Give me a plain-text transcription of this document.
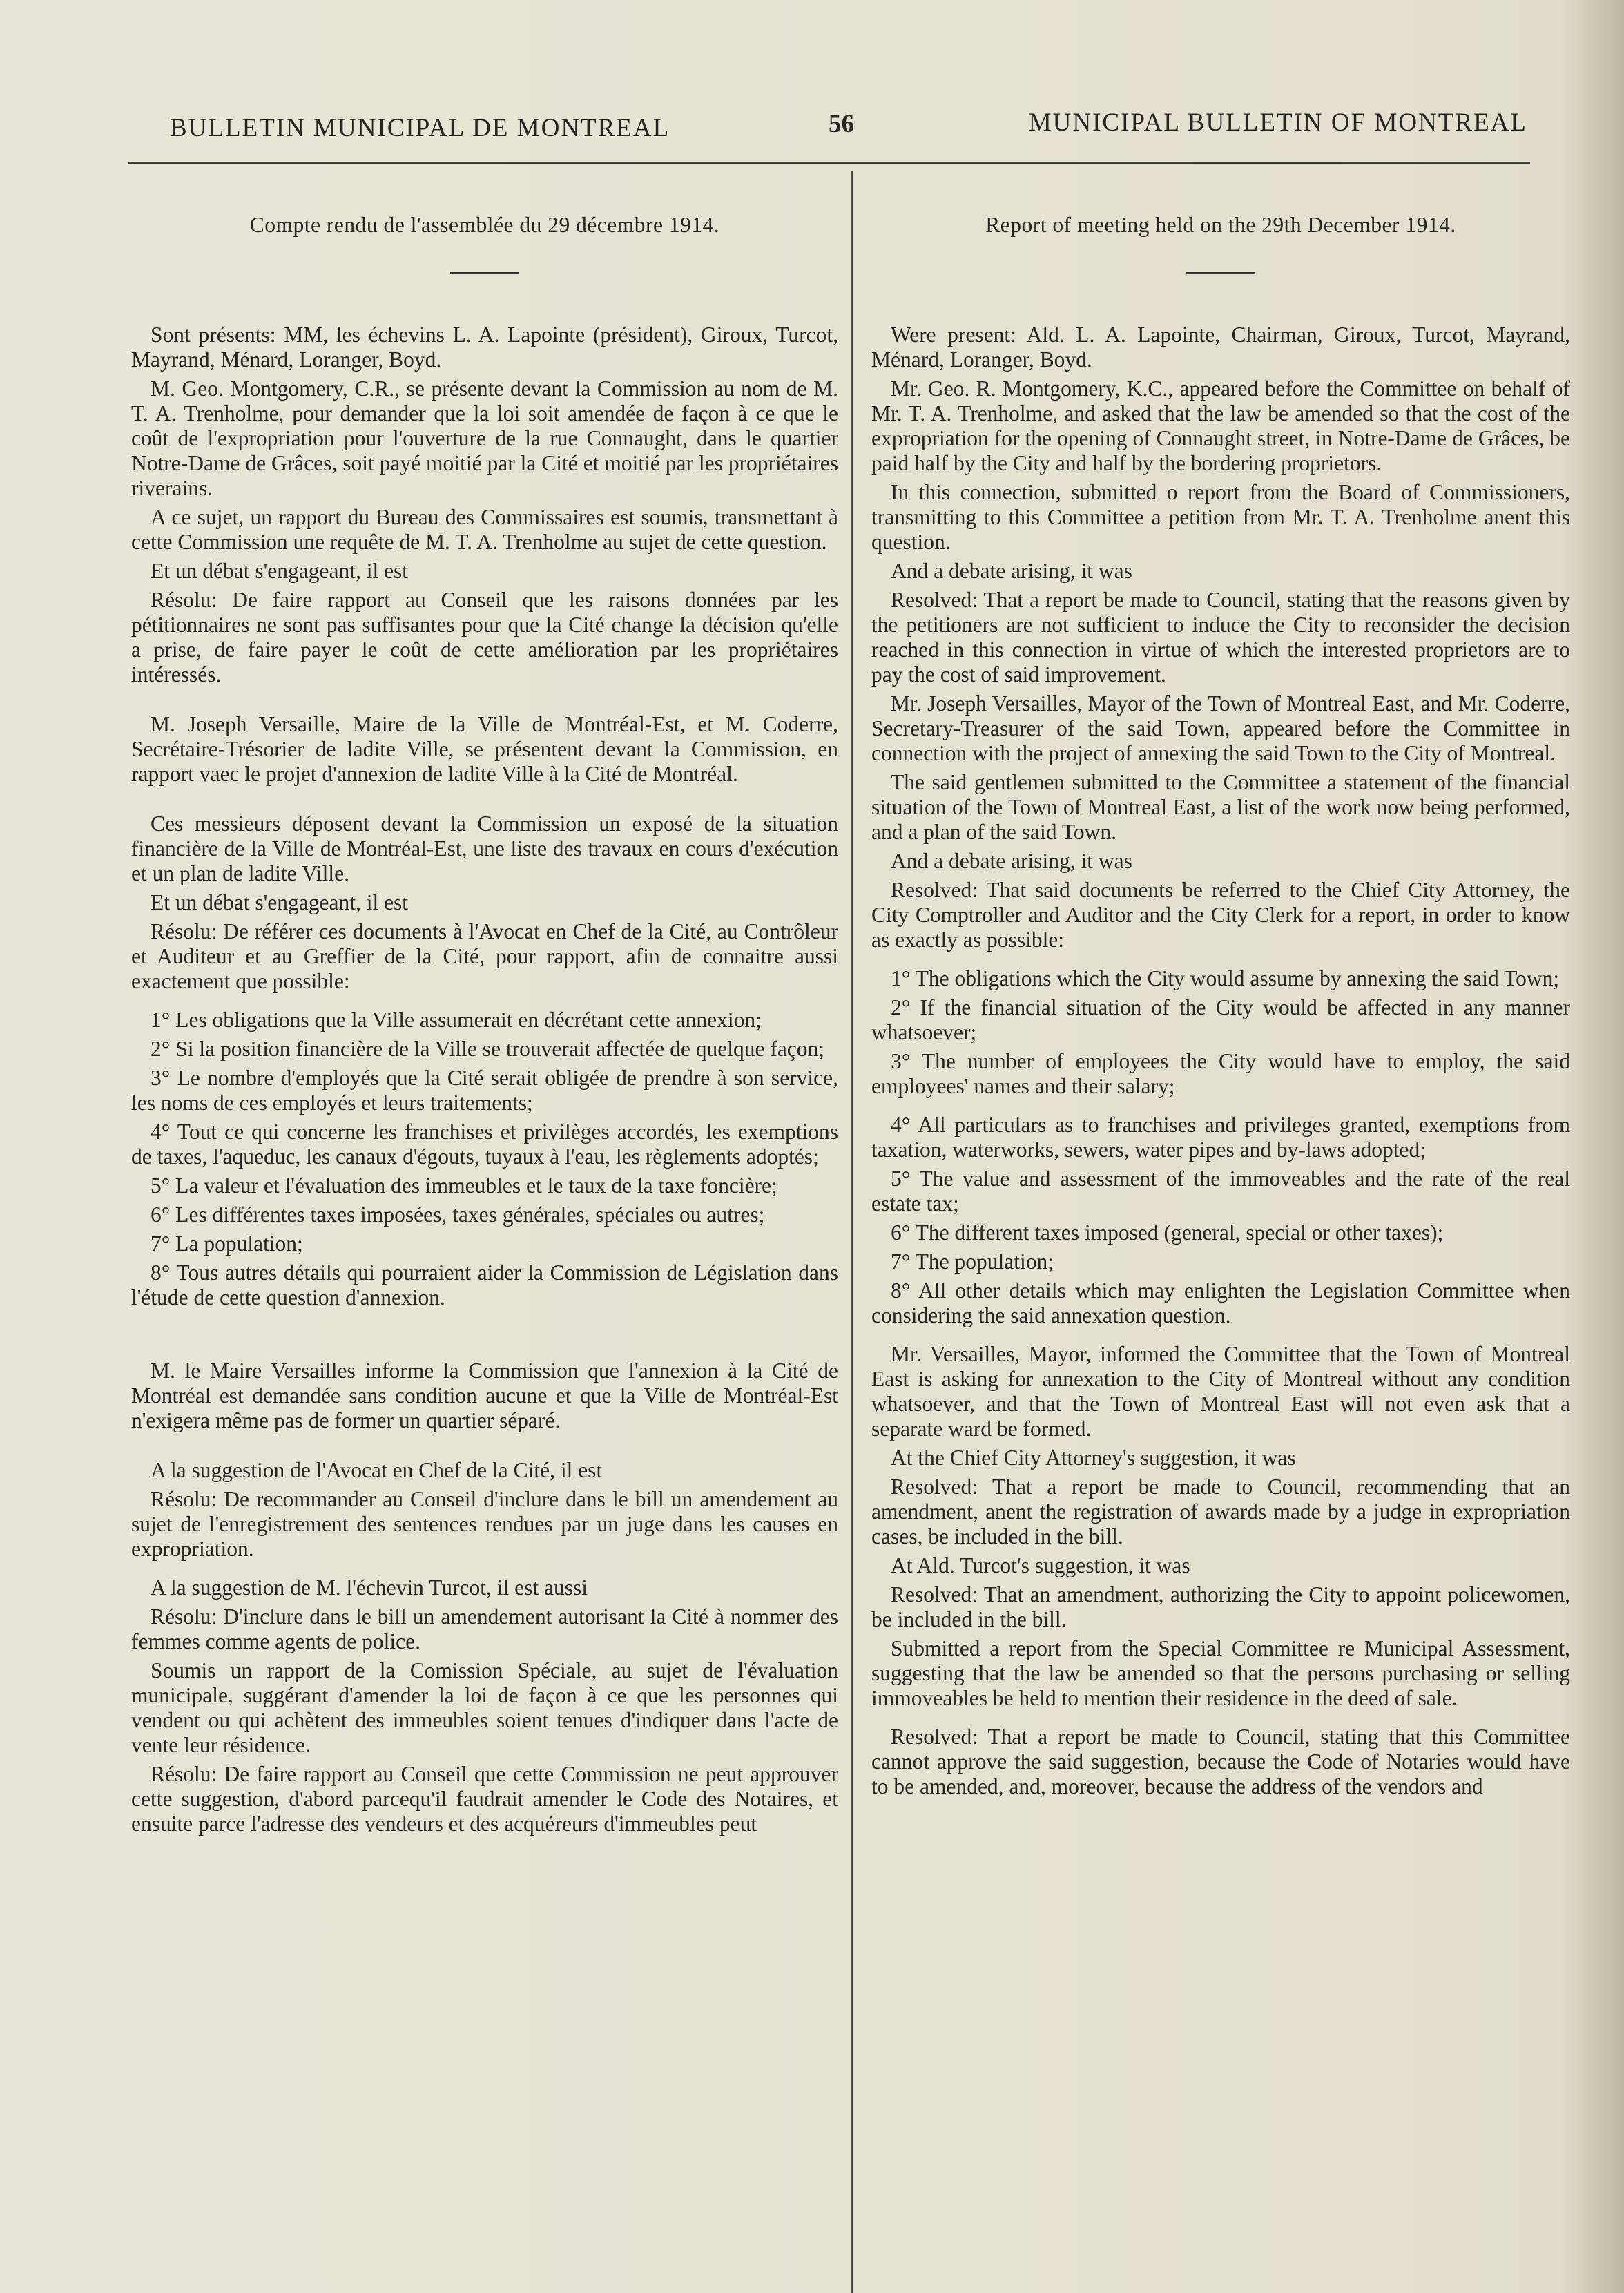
BULLETIN MUNICIPAL DE MONTREAL	56	MUNICIPAL BULLETIN OF MONTREAL
Compte rendu de l'assemblée du 29 décembre 1914.

Sont présents: MM, les échevins L. A. Lapointe (président), Giroux, Turcot, Mayrand, Ménard, Loranger, Boyd.

M. Geo. Montgomery, C.R., se présente devant la Commission au nom de M. T. A. Trenholme, pour demander que la loi soit amendée de façon à ce que le coût de l'expropriation pour l'ouverture de la rue Connaught, dans le quartier Notre-Dame de Grâces, soit payé moitié par la Cité et moitié par les propriétaires riverains.

A ce sujet, un rapport du Bureau des Commissaires est soumis, transmettant à cette Commission une requête de M. T. A. Trenholme au sujet de cette question.

Et un débat s'engageant, il est

Résolu: De faire rapport au Conseil que les raisons données par les pétitionnaires ne sont pas suffisantes pour que la Cité change la décision qu'elle a prise, de faire payer le coût de cette amélioration par les propriétaires intéressés.

M. Joseph Versaille, Maire de la Ville de Montréal-Est, et M. Coderre, Secrétaire-Trésorier de ladite Ville, se présentent devant la Commission, en rapport vaec le projet d'annexion de ladite Ville à la Cité de Montréal.

Ces messieurs déposent devant la Commission un exposé de la situation financière de la Ville de Montréal-Est, une liste des travaux en cours d'exécution et un plan de ladite Ville.

Et un débat s'engageant, il est

Résolu: De référer ces documents à l'Avocat en Chef de la Cité, au Contrôleur et Auditeur et au Greffier de la Cité, pour rapport, afin de connaitre aussi exactement que possible:

1° Les obligations que la Ville assumerait en décrétant cette annexion;

2° Si la position financière de la Ville se trouverait affectée de quelque façon;

3° Le nombre d'employés que la Cité serait obligée de prendre à son service, les noms de ces employés et leurs traitements;

4° Tout ce qui concerne les franchises et privilèges accordés, les exemptions de taxes, l'aqueduc, les canaux d'égouts, tuyaux à l'eau, les règlements adoptés;

5° La valeur et l'évaluation des immeubles et le taux de la taxe foncière;

6° Les différentes taxes imposées, taxes générales, spéciales ou autres;

7° La population;

8° Tous autres détails qui pourraient aider la Commission de Législation dans l'étude de cette question d'annexion.

M. le Maire Versailles informe la Commission que l'annexion à la Cité de Montréal est demandée sans condition aucune et que la Ville de Montréal-Est n'exigera même pas de former un quartier séparé.

A la suggestion de l'Avocat en Chef de la Cité, il est

Résolu: De recommander au Conseil d'inclure dans le bill un amendement au sujet de l'enregistrement des sentences rendues par un juge dans les causes en expropriation.

A la suggestion de M. l'échevin Turcot, il est aussi

Résolu: D'inclure dans le bill un amendement autorisant la Cité à nommer des femmes comme agents de police.

Soumis un rapport de la Comission Spéciale, au sujet de l'évaluation municipale, suggérant d'amender la loi de façon à ce que les personnes qui vendent ou qui achètent des immeubles soient tenues d'indiquer dans l'acte de vente leur résidence.

Résolu: De faire rapport au Conseil que cette Commission ne peut approuver cette suggestion, d'abord parcequ'il faudrait amender le Code des Notaires, et ensuite parce l'adresse des vendeurs et des acquéreurs d'immeubles peut

Report of meeting held on the 29th December 1914.

Were present: Ald. L. A. Lapointe, Chairman, Giroux, Turcot, Mayrand, Ménard, Loranger, Boyd.

Mr. Geo. R. Montgomery, K.C., appeared before the Committee on behalf of Mr. T. A. Trenholme, and asked that the law be amended so that the cost of the expropriation for the opening of Connaught street, in Notre-Dame de Grâces, be paid half by the City and half by the bordering proprietors.

In this connection, submitted o report from the Board of Commissioners, transmitting to this Committee a petition from Mr. T. A. Trenholme anent this question.

And a debate arising, it was

Resolved: That a report be made to Council, stating that the reasons given by the petitioners are not sufficient to induce the City to reconsider the decision reached in this connection in virtue of which the interested proprietors are to pay the cost of said improvement.

Mr. Joseph Versailles, Mayor of the Town of Montreal East, and Mr. Coderre, Secretary-Treasurer of the said Town, appeared before the Committee in connection with the project of annexing the said Town to the City of Montreal.

The said gentlemen submitted to the Committee a statement of the financial situation of the Town of Montreal East, a list of the work now being performed, and a plan of the said Town.

And a debate arising, it was

Resolved: That said documents be referred to the Chief City Attorney, the City Comptroller and Auditor and the City Clerk for a report, in order to know as exactly as possible:

1° The obligations which the City would assume by annexing the said Town;

2° If the financial situation of the City would be affected in any manner whatsoever;

3° The number of employees the City would have to employ, the said employees' names and their salary;

4° All particulars as to franchises and privileges granted, exemptions from taxation, waterworks, sewers, water pipes and by-laws adopted;

5° The value and assessment of the immoveables and the rate of the real estate tax;

6° The different taxes imposed (general, special or other taxes);

7° The population;

8° All other details which may enlighten the Legislation Committee when considering the said annexation question.

Mr. Versailles, Mayor, informed the Committee that the Town of Montreal East is asking for annexation to the City of Montreal without any condition whatsoever, and that the Town of Montreal East will not even ask that a separate ward be formed.

At the Chief City Attorney's suggestion, it was

Resolved: That a report be made to Council, recommending that an amendment, anent the registration of awards made by a judge in expropriation cases, be included in the bill.

At Ald. Turcot's suggestion, it was

Resolved: That an amendment, authorizing the City to appoint policewomen, be included in the bill.

Submitted a report from the Special Committee re Municipal Assessment, suggesting that the law be amended so that the persons purchasing or selling immoveables be held to mention their residence in the deed of sale.

Resolved: That a report be made to Council, stating that this Committee cannot approve the said suggestion, because the Code of Notaries would have to be amended, and, moreover, because the address of the vendors and
